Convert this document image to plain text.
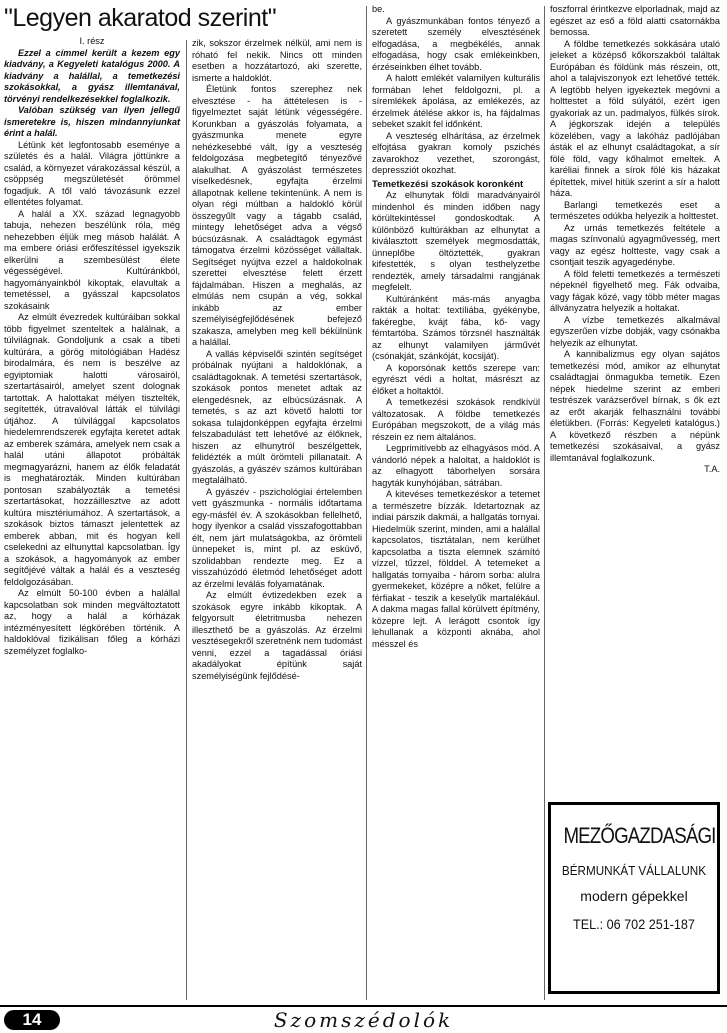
"Legyen akaratod szerint"

I. rész

Ezzel a címmel került a kezem egy kiadvány, a Kegyeleti katalógus 2000. A kiadvány a halállal, a temetkezési szokásokkal, a gyász illemtanával, törvényi rendelkezésekkel foglalkozik.

Valóban szükség van ilyen jellegű ismeretekre is, hiszen mindannyiunkat érint a halál.

Létünk két legfontosabb eseménye a születés és a halál. Világra jöttünkre a család, a környezet várakozással készül, a csöppség megszületését örömmel fogadjuk. A től való távozásunk ezzel ellentétes folyamat.

A halál a XX. század legnagyobb tabuja, nehezen beszélünk róla, még nehezebben éljük meg másob halálát. A ma embere óriási erőfeszítéssel igyekszik elkerülni a szembesülést élete végességével. Kultúránkból, hagyományainkból kikoptak, elavultak a temetéssel, a gyásszal kapcsolatos szokásaink

Az elmúlt évezredek kultúráiban sokkal több figyelmet szenteltek a halálnak, a túlvilágnak. Gondoljunk a csak a tibeti kultúrára, a görög mitológiában Hadész birodalmára, és nem is beszélve az egyiptomiak halotti városairól, szertartásairól, amelyet szent dolognak tartottak. A halottakat mélyen tisztelték, segítették, útravalóval látták el túlvilági útjához. A túlvilággal kapcsolatos hiedelemrendszerek egyfajta keretet adtak az emberek számára, amelyek nem csak a halál utáni állapotot próbálták megmagyarázni, hanem az élők feladatát is meghatározták. Minden kultúrában pontosan szabályozták a temetési szertartásokat, hozzáillesztve az adott kultúra misztériumához. A szertartások, a szokások biztos támaszt jelentettek az emberek abban, mit és hogyan kell cselekedni az elhunyttal kapcsolatban. Így a szokások, a hagyományok az ember segítőjévé váltak a halál és a veszteség feldolgozásában.

Az elmúlt 50-100 évben a halállal kapcsolatban sok minden megváltoztatott az, hogy a halál a kórházak intézményesített légkörében történik. A haldoklóval fizikálisan főleg a kórházi személyzet foglalko-

zik, sokszor érzelmek nélkül, ami nem is róható fel nekik. Nincs ott minden esetben a hozzátartozó, aki szerette, ismerte a haldoklót.

Életünk fontos szerephez nek elvesztése - ha áttételesen is - figyelmeztet saját létünk végességére. Korunkban a gyászolás folyamata, a gyászmunka menete egyre nehézkesebbé vált, így a veszteség feldolgozása megbetegítő tényezővé alakulhat. A gyászolást természetes viselkedésnek, egyfajta érzelmi állapotnak kellene tekintenünk. A nem is olyan régi múltban a haldokló körül összegyűlt vagy a tágabb család, mintegy lehetőséget adva a végső búcsúzásnak. A családtagok egymást támogatva érzelmi közösséget vállaltak. Segítséget nyújtva ezzel a haldokolnak szerettei elvesztése felett érzett fájdalmában. Hiszen a meghalás, az elmúlás nem csupán a vég, sokkal inkább az ember személyiségfejlődésének befejező szakasza, amelyben meg kell békülnünk a halállal.

A vallás képviselői szintén segítséget próbálnak nyújtani a haldoklónak, a családtagoknak. A temetési szertartások, szokások pontos menetet adtak az elengedésnek, az elbúcsúzásnak. A temetés, s az azt követő halotti tor sokasa tulajdonképpen egyfajta érzelmi felszabadulást tett lehetővé az élőknek, hiszen az elhunytról beszélgettek, felidézték a múlt örömteli pillanatait. A gyászolás, a gyászév számos kultúrában megtalálható.

A gyászév - pszichológiai értelemben vett gyászmunka - normális időtartama egy-másfél év. A szokásokban fellelhető, hogy ilyenkor a család visszafogottabban élt, nem járt mulatságokba, az örömteli ünnepeket is, mint pl. az esküvő, szolidabban rendezte meg. Ez a visszahúzódó életmód lehetőséget adott az érzelmi leválás folyamatának.

Az elmúlt évtizedekben ezek a szokások egyre inkább kikoptak. A felgyorsult életritmusba nehezen illeszthető be a gyászolás. Az érzelmi vesztésegekről szeretnénk nem tudomást venni, ezzel a tagadással óriási akadályokat építünk saját személyiségünk fejlődésé-

be.

A gyászmunkában fontos tényező a szeretett személy elvesztésének elfogadása, a megbékélés, annak elfogadása, hogy csak emlékeinkben, érzéseinkben élhet tovább.

A halott emlékét valamilyen kulturális formában lehet feldolgozni, pl. a síremlékek ápolása, az emlékezés, az érzelmek átélése akkor is, ha fájdalmas sebeket szakít fel időnként.

A veszteség elhárítása, az érzelmek elfojtása gyakran komoly pszichés zavarokhoz vezethet, szorongást, depressziót okozhat.

Temetkezési szokások koronként

Az elhunytak földi maradványairól mindenhol és minden időben nagy körültekintéssel gondoskodtak. A különböző kultúrákban az elhunytat a kiválasztott személyek megmosdatták, ünneplőbe öltöztették, gyakran kifestették, s olyan testhelyzetbe rendezték, amely társadalmi rangjának megfelelt.

Kultúránként más-más anyagba rakták a holtat: textíliába, gyékénybe, fakéregbe, kvájt fába, kő- vagy fémtartóba. Számos törzsnél használták az elhunyt valamilyen járművét (csónakját, szánkóját, kocsiját).

A koporsónak kettős szerepe van: egyrészt védi a holtat, másrészt az élőket a holtaktól.

A temetkezési szokások rendkívül változatosak. A földbe temetkezés Európában megszokott, de a világ más részein ez nem általános.

Legprimitívebb az elhagyásos mód. A vándorló népek a haloltat, a haldoklót is az elhagyott táborhelyen sorsára hagyták kunyhójában, sátrában.

A kitevéses temetkezéskor a tetemet a természetre bízzák. Idetartoznak az indiai párszik dakmái, a hallgatás tornyai. Hiedelmük szerint, minden, ami a halállal kapcsolatos, tisztátalan, nem kerülhet kapcsolatba a tiszta elemnek számító vízzel, tűzzel, földdel. A tetemeket a hallgatás tornyaiba - három sorba: alulra gyermekeket, középre a nőket, felülre a férfiakat - teszik a keselyűk martalékául. A dakma magas fallal körülvett építmény, közepre lejt. A lerágott csontok így lehullanak a központi aknába, ahol mésszel és

foszforral érintkezve elporladnak, majd az egészet az eső a föld alatti csatornákba bemossa.

A földbe temetkezés sokkására utaló jeleket a középső kőkorszakból találtak Európában és földünk más részein, ott, ahol a talajviszonyok ezt lehetővé tették. A legtöbb helyen igyekeztek megóvni a holttestet a föld súlyától, ezért igen gyakoriak az un. padmalyos, fülkés sírok. A jégkorszak idején a település közelében, vagy a lakóház padlójában ásták el az elhunyt családtagokat, a sír fölé föld, vagy kőhalmot emeltek. A karéliai finnek a sírok fölé kis házakat építettek, mivel hitük szerint a sír a halott háza.

Barlangi temetkezés eset a természetes odúkba helyezik a holttestet.

Az urnás temetkezés feltétele a magas színvonalú agyagművesség, mert vagy az egész holtteste, vagy csak a csontjait teszik agyagedénybe.

A föld feletti temetkezés a természeti népeknél figyelhető meg. Fák odvaiba, vagy fágak közé, vagy több méter magas állványzatra helyezik a holtakat.

A vízbe temetkezés alkalmával egyszerűen vízbe dobják, vagy csónakba helyezik az elhunytat.

A kannibalizmus egy olyan sajátos temetkezési mód, amikor az elhunytat családtagjai önmagukba temetik. Ezen népek hiedelme szerint az emberi testrészek varázserővel bírnak, s ők ezt az erőt akarják felhasználni további életükben. (Forrás: Kegyeleti katalógus.) A következő részben a népünk temetkezési szokásaival, a gyász illemtanával foglalkozunk.

T.A.

MEZŐGAZDASÁGI
BÉRMUNKÁT VÁLLALUNK
modern gépekkel
TEL.: 06 702 251-187
14	Szomszédolók
